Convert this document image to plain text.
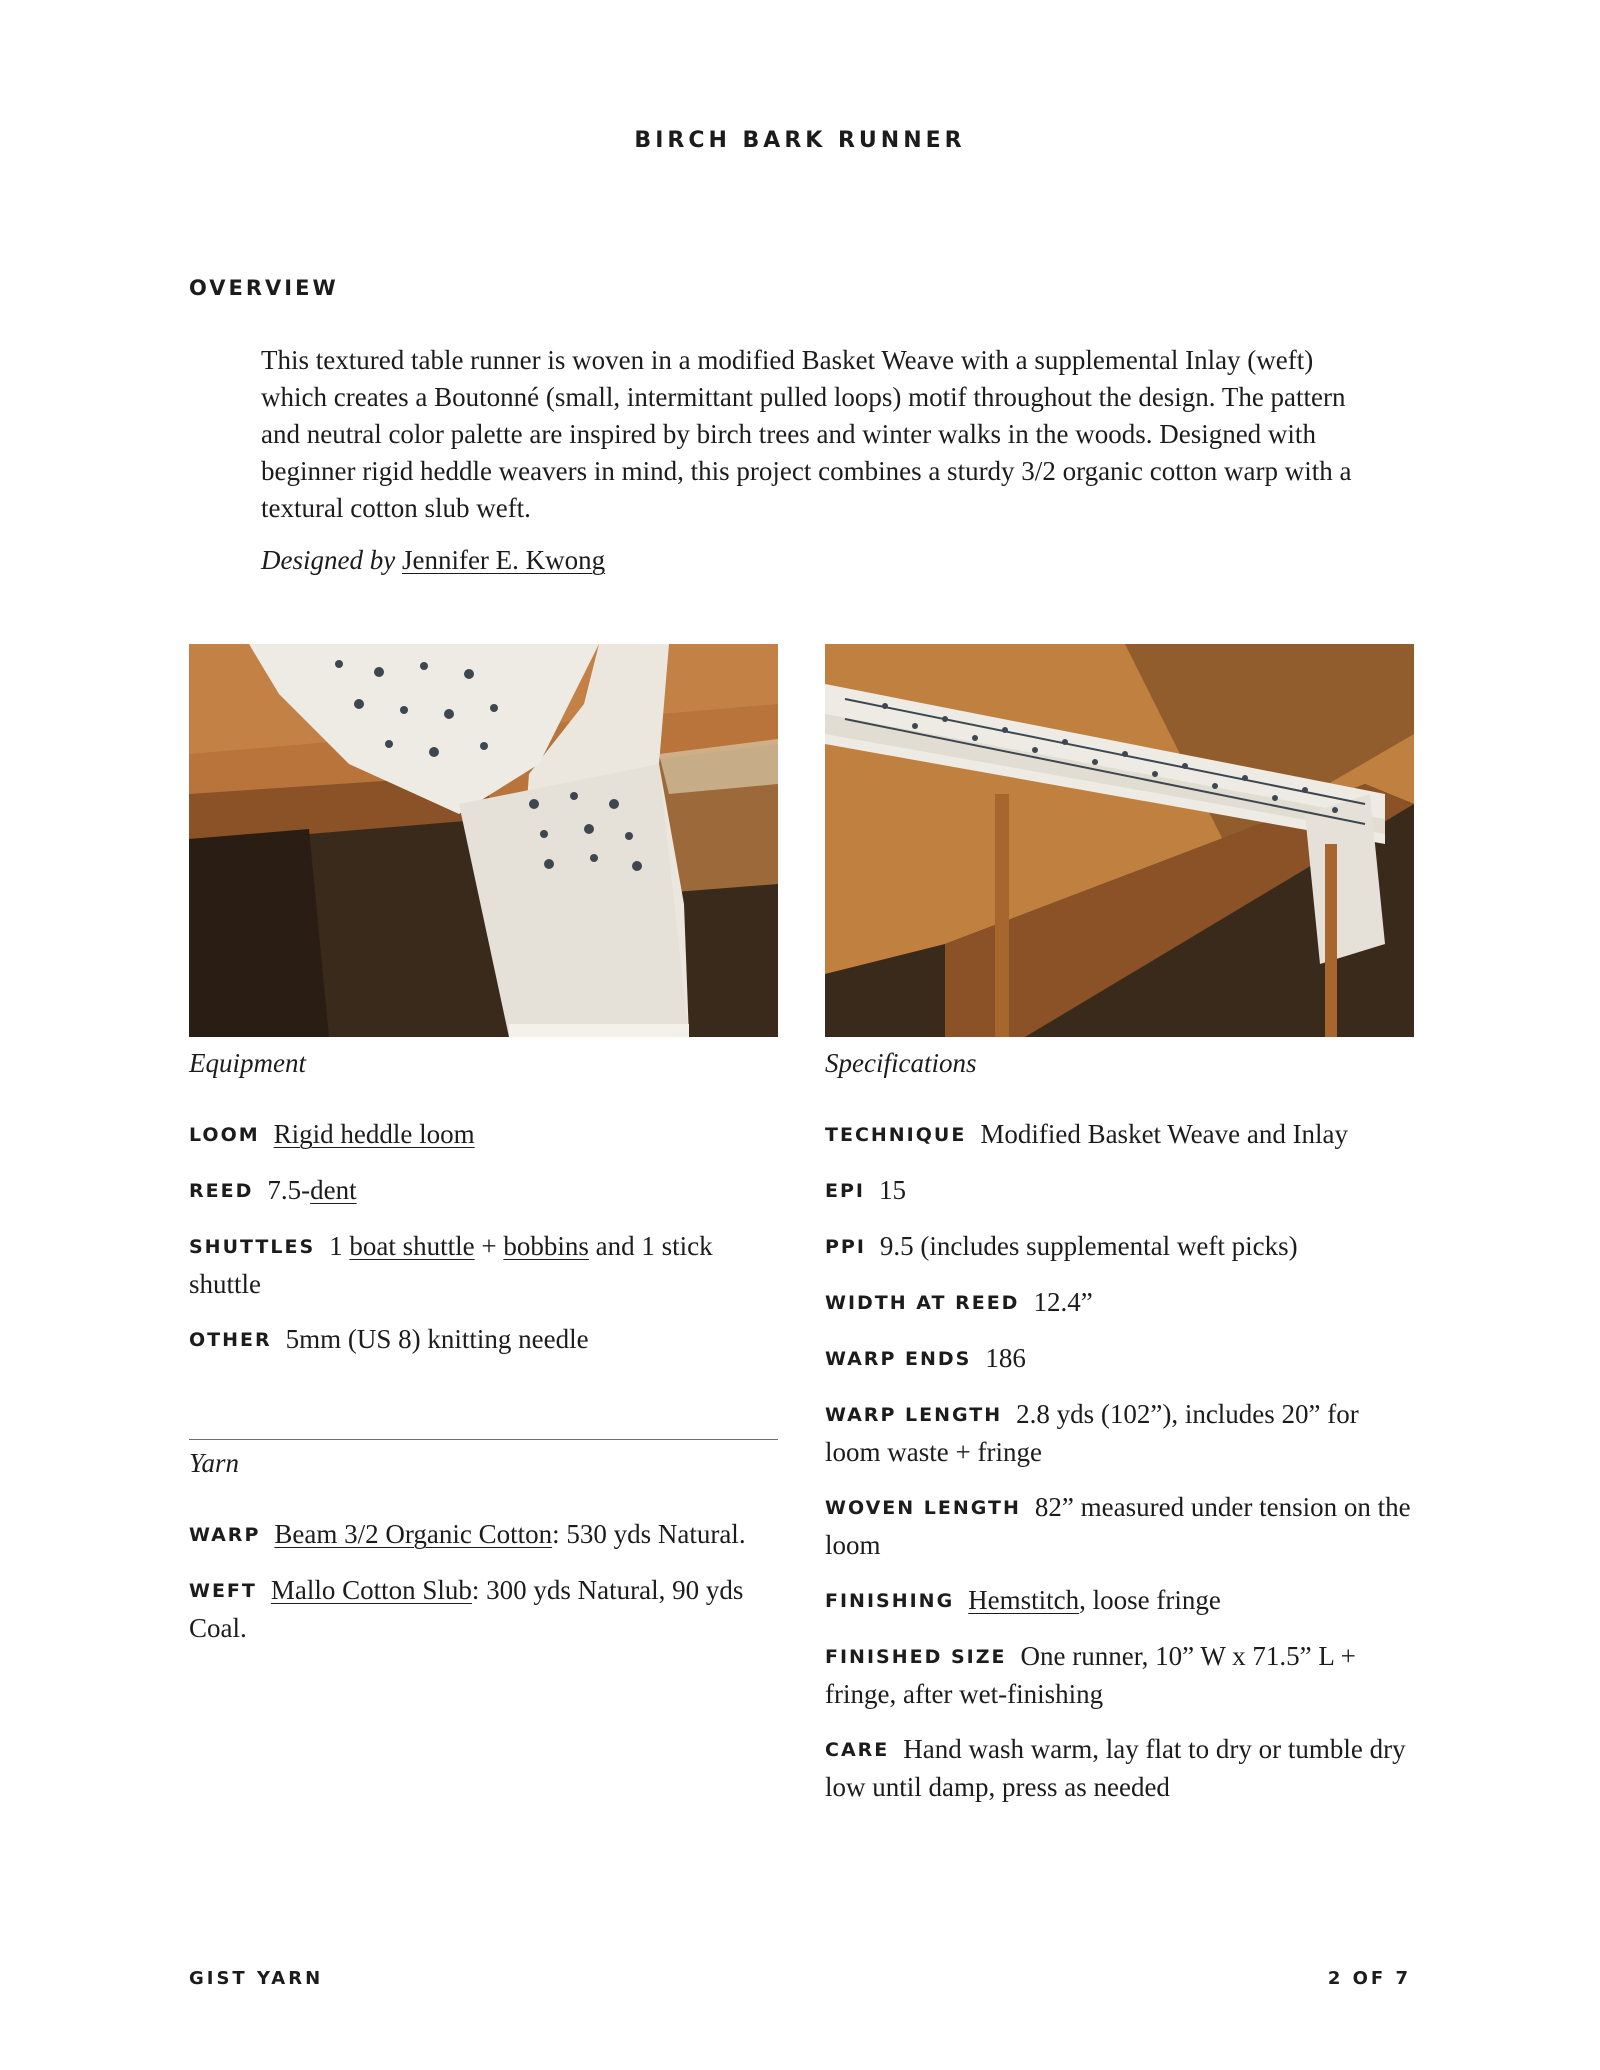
BIRCH BARK RUNNER
OVERVIEW

This textured table runner is woven in a modified Basket Weave with a supplemental Inlay (weft) which creates a Boutonné (small, intermittant pulled loops) motif throughout the design. The pattern and neutral color palette are inspired by birch trees and winter walks in the woods. Designed with beginner rigid heddle weavers in mind, this project combines a sturdy 3/2 organic cotton warp with a textural cotton slub weft.

Designed by Jennifer E. Kwong

Equipment

LOOM Rigid heddle loom

REED 7.5-dent

SHUTTLES 1 boat shuttle + bobbins and 1 stick shuttle

OTHER 5mm (US 8) knitting needle

Yarn

WARP Beam 3/2 Organic Cotton: 530 yds Natural.

WEFT Mallo Cotton Slub: 300 yds Natural, 90 yds Coal.

Specifications

TECHNIQUE Modified Basket Weave and Inlay

EPI 15

PPI 9.5 (includes supplemental weft picks)

WIDTH AT REED 12.4”

WARP ENDS 186

WARP LENGTH 2.8 yds (102”), includes 20” for loom waste + fringe

WOVEN LENGTH 82” measured under tension on the loom

FINISHING Hemstitch, loose fringe

FINISHED SIZE One runner, 10” W x 71.5” L + fringe, after wet-finishing

CARE Hand wash warm, lay flat to dry or tumble dry low until damp, press as needed

GIST YARN	2 OF 7
